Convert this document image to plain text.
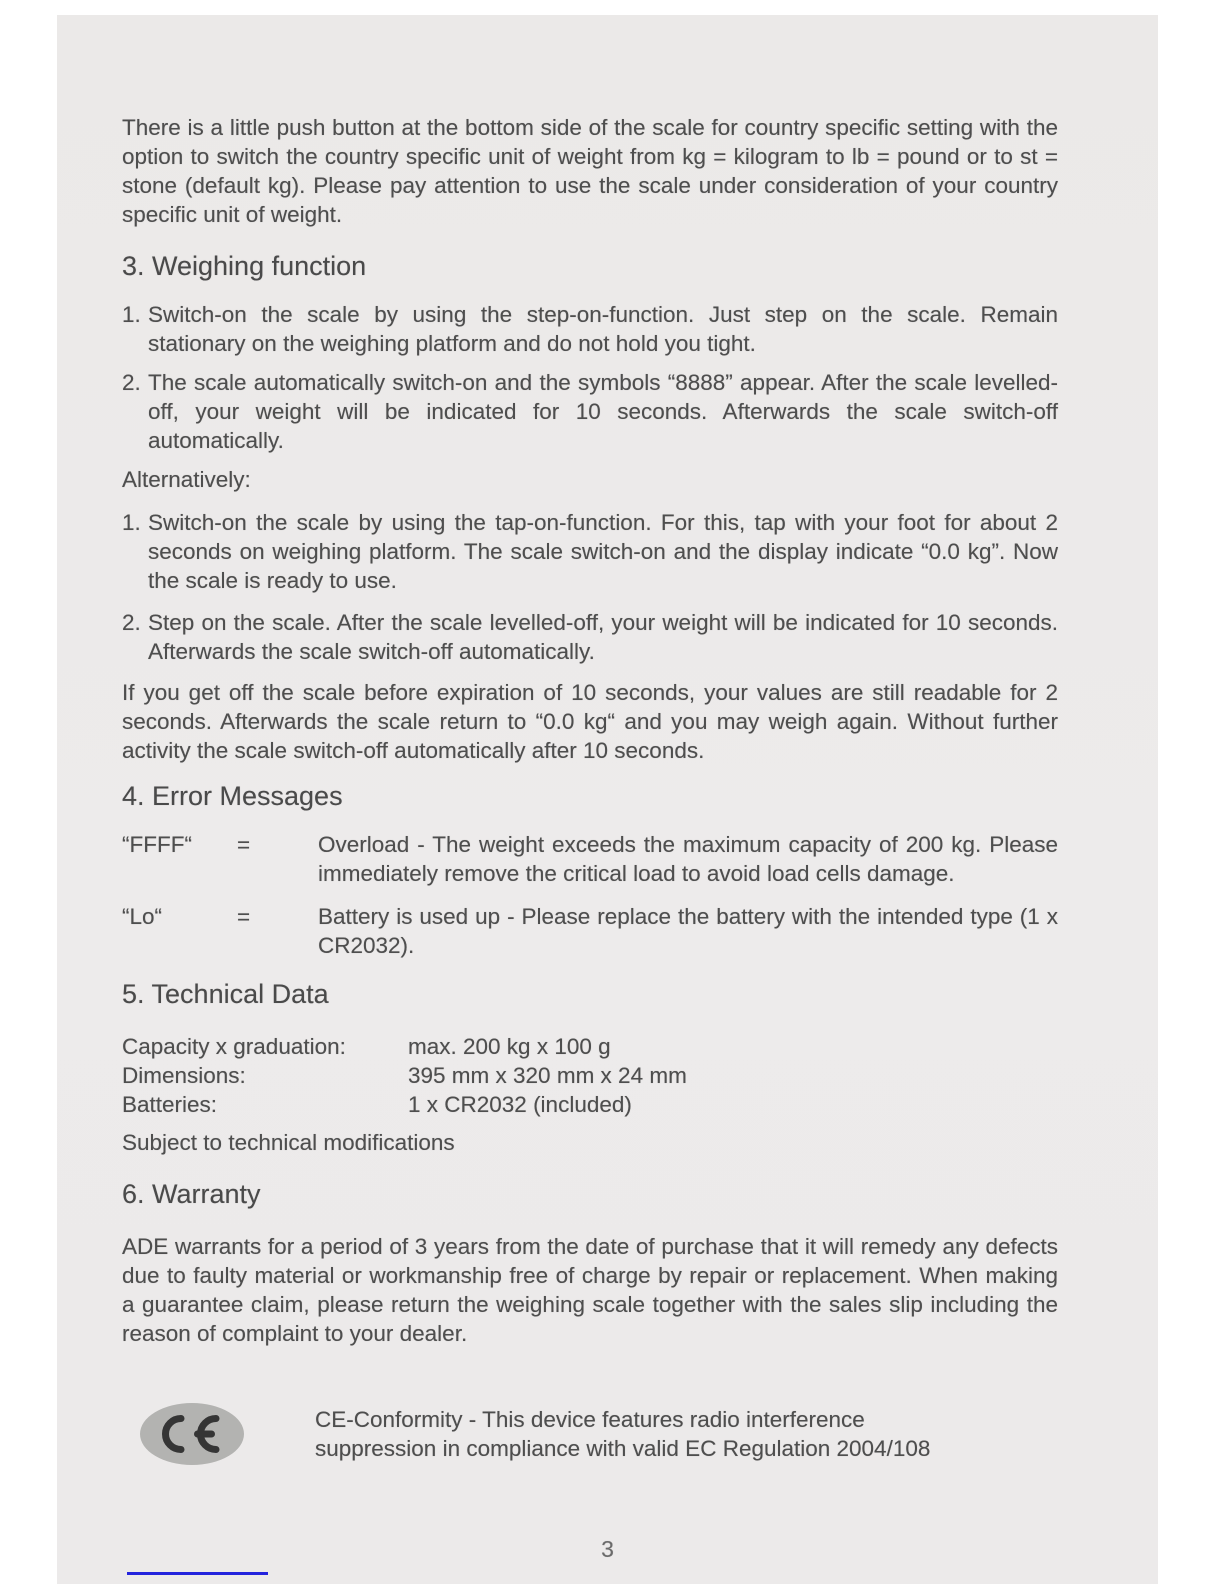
There is a little push button at the bottom side of the scale for country specific setting with the option to switch the country specific unit of weight from kg = kilogram to lb = pound or to st = stone (default kg). Please pay attention to use the scale under consideration of your country specific unit of weight.

3. Weighing function
1. Switch-on the scale by using the step-on-function. Just step on the scale. Remain stationary on the weighing platform and do not hold you tight.

2. The scale automatically switch-on and the symbols “8888” appear. After the scale levelled-off, your weight will be indicated for 10 seconds. Afterwards the scale switch-off automatically.

Alternatively:

1. Switch-on the scale by using the tap-on-function. For this, tap with your foot for about 2 seconds on weighing platform. The scale switch-on and the display indicate “0.0 kg”. Now the scale is ready to use.

2. Step on the scale. After the scale levelled-off, your weight will be indicated for 10 seconds. Afterwards the scale switch-off automatically.

If you get off the scale before expiration of 10 seconds, your values are still readable for 2 seconds. Afterwards the scale return to “0.0 kg“ and you may weigh again. Without further activity the scale switch-off automatically after 10 seconds.

4. Error Messages
“FFFF“	=	Overload - The weight exceeds the maximum capacity of 200 kg. Please immediately remove the critical load to avoid load cells damage.

“Lo“	=	Battery is used up - Please replace the battery with the intended type (1 x CR2032).

5. Technical Data
Capacity x graduation:	max. 200 kg x 100 g
Dimensions:	395 mm x 320 mm x 24 mm
Batteries:	1 x CR2032 (included)

Subject to technical modifications

6. Warranty

ADE warrants for a period of 3 years from the date of purchase that it will remedy any defects due to faulty material or workmanship free of charge by repair or replacement. When making a guarantee claim, please return the weighing scale together with the sales slip including the reason of complaint to your dealer.

CE-Conformity - This device features radio interference

suppression in compliance with valid EC Regulation 2004/108

3
